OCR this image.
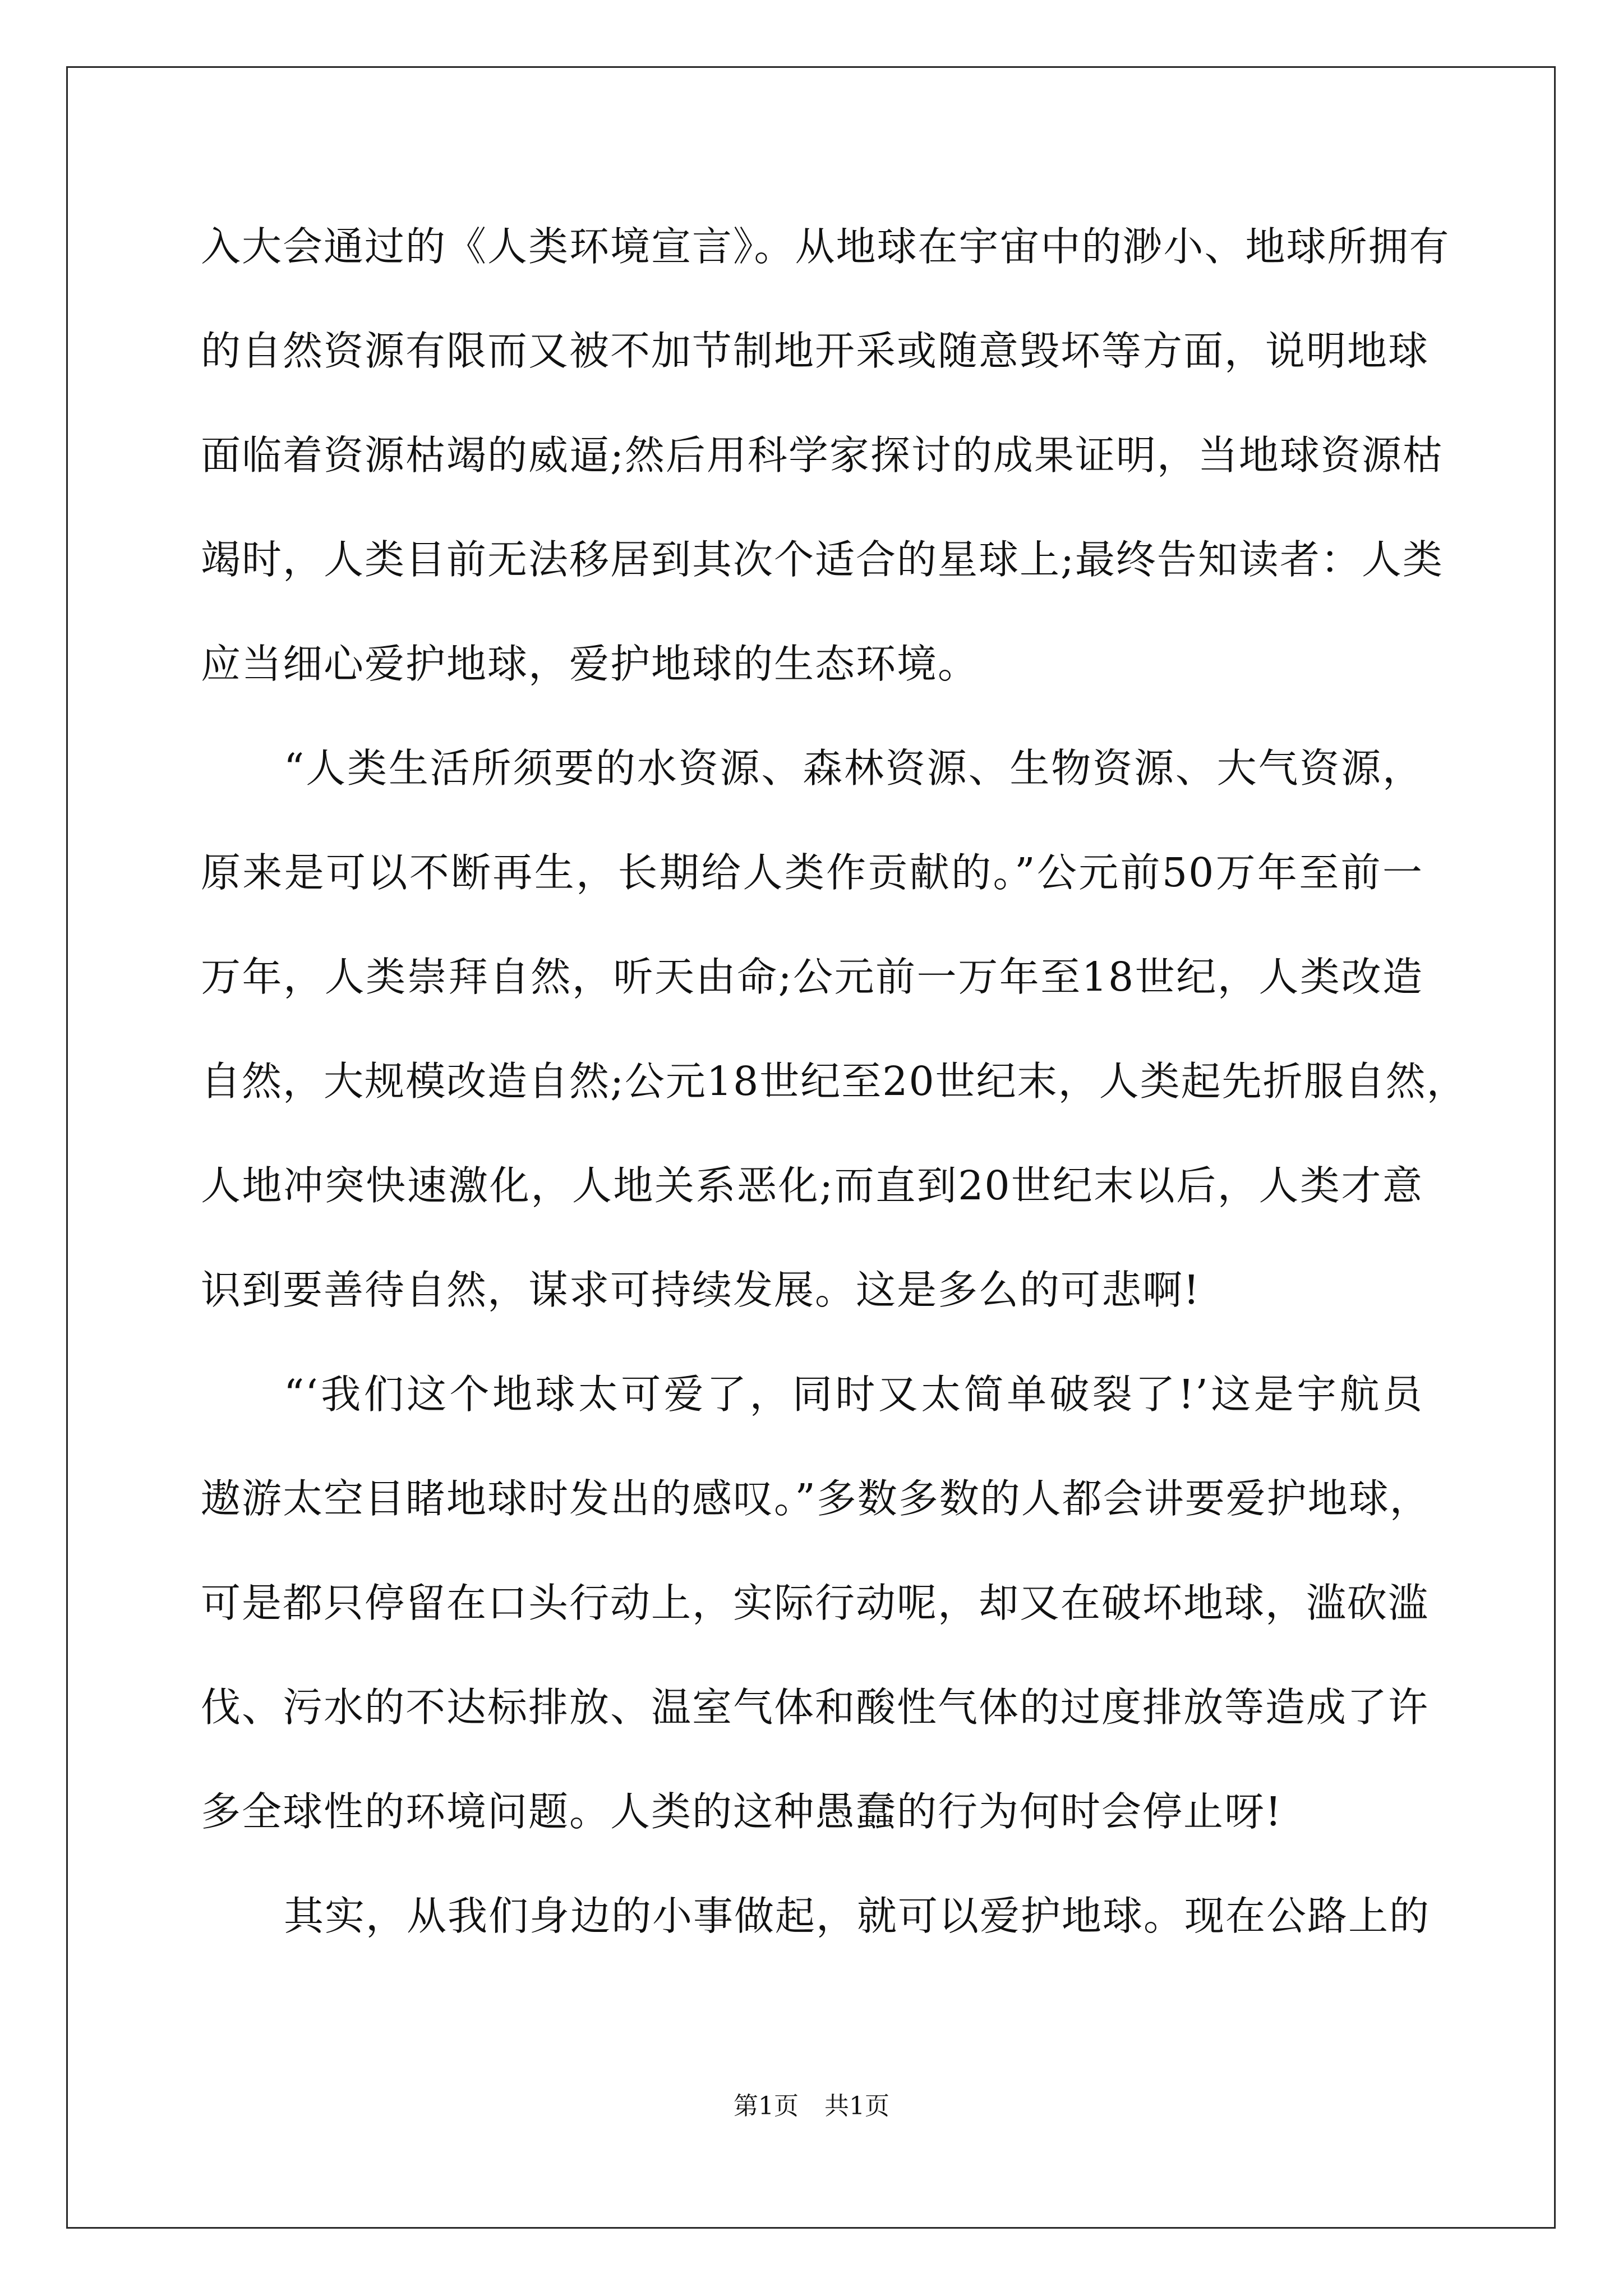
入大会通过的《人类环境宣言》。从地球在宇宙中的渺小、地球所拥有
的自然资源有限而又被不加节制地开采或随意毁坏等方面，说明地球
面临着资源枯竭的威逼;然后用科学家探讨的成果证明，当地球资源枯
竭时，人类目前无法移居到其次个适合的星球上;最终告知读者：人类
应当细心爱护地球，爱护地球的生态环境。
“人类生活所须要的水资源、森林资源、生物资源、大气资源，
原来是可以不断再生，长期给人类作贡献的。”公元前50万年至前一
万年，人类崇拜自然，听天由命;公元前一万年至18世纪，人类改造
自然，大规模改造自然;公元18世纪至20世纪末，人类起先折服自然，
人地冲突快速激化，人地关系恶化;而直到20世纪末以后，人类才意
识到要善待自然，谋求可持续发展。这是多么的可悲啊!
“‘我们这个地球太可爱了，同时又太简单破裂了!’这是宇航员
遨游太空目睹地球时发出的感叹。”多数多数的人都会讲要爱护地球，
可是都只停留在口头行动上，实际行动呢，却又在破坏地球，滥砍滥
伐、污水的不达标排放、温室气体和酸性气体的过度排放等造成了许
多全球性的环境问题。人类的这种愚蠢的行为何时会停止呀!
其实，从我们身边的小事做起，就可以爱护地球。现在公路上的
第1页 共1页
